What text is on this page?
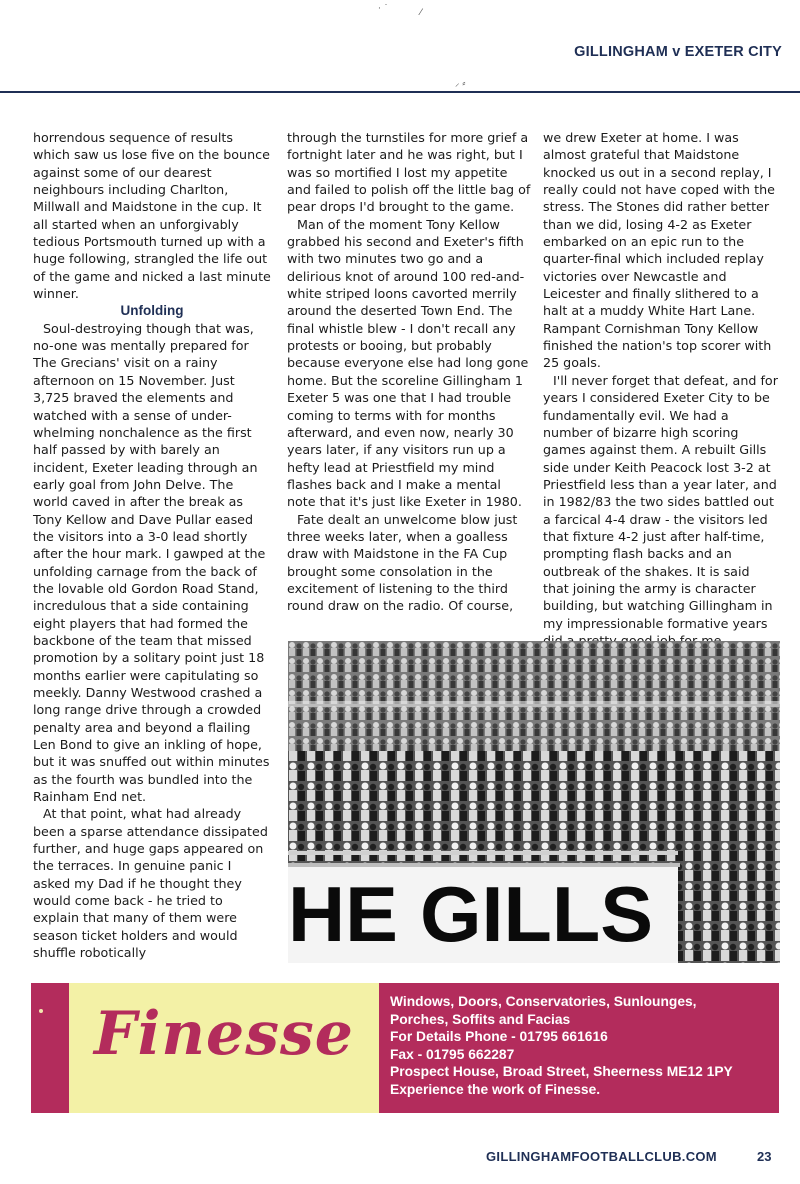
· ˙	⁄
⸝ ⸗
GILLINGHAM v EXETER CITY

horrendous sequence of results which saw us lose five on the bounce against some of our dearest neighbours including Charlton, Millwall and Maidstone in the cup. It all started when an unforgivably tedious Portsmouth turned up with a huge following, strangled the life out of the game and nicked a last minute winner.

Unfolding

Soul-destroying though that was, no-one was mentally prepared for The Grecians' visit on a rainy afternoon on 15 November. Just 3,725 braved the elements and watched with a sense of under-whelming nonchalence as the first half passed by with barely an incident, Exeter leading through an early goal from John Delve. The world caved in after the break as Tony Kellow and Dave Pullar eased the visitors into a 3-0 lead shortly after the hour mark. I gawped at the unfolding carnage from the back of the lovable old Gordon Road Stand, incredulous that a side containing eight players that had formed the backbone of the team that missed promotion by a solitary point just 18 months earlier were capitulating so meekly. Danny Westwood crashed a long range drive through a crowded penalty area and beyond a flailing Len Bond to give an inkling of hope, but it was snuffed out within minutes as the fourth was bundled into the Rainham End net.

At that point, what had already been a sparse attendance dissipated further, and huge gaps appeared on the terraces. In genuine panic I asked my Dad if he thought they would come back - he tried to explain that many of them were season ticket holders and would shuffle robotically

through the turnstiles for more grief a fortnight later and he was right, but I was so mortified I lost my appetite and failed to polish off the little bag of pear drops I'd brought to the game.

Man of the moment Tony Kellow grabbed his second and Exeter's fifth with two minutes two go and a delirious knot of around 100 red-and-white striped loons cavorted merrily around the deserted Town End. The final whistle blew - I don't recall any protests or booing, but probably because everyone else had long gone home. But the scoreline Gillingham 1 Exeter 5 was one that I had trouble coming to terms with for months afterward, and even now, nearly 30 years later, if any visitors run up a hefty lead at Priestfield my mind flashes back and I make a mental note that it's just like Exeter in 1980.

Fate dealt an unwelcome blow just three weeks later, when a goalless draw with Maidstone in the FA Cup brought some consolation in the excitement of listening to the third round draw on the radio. Of course,

we drew Exeter at home. I was almost grateful that Maidstone knocked us out in a second replay, I really could not have coped with the stress. The Stones did rather better than we did, losing 4-2 as Exeter embarked on an epic run to the quarter-final which included replay victories over Newcastle and Leicester and finally slithered to a halt at a muddy White Hart Lane. Rampant Cornishman Tony Kellow finished the nation's top scorer with 25 goals.

I'll never forget that defeat, and for years I considered Exeter City to be fundamentally evil. We had a number of bizarre high scoring games against them. A rebuilt Gills side under Keith Peacock lost 3-2 at Priestfield less than a year later, and in 1982/83 the two sides battled out a farcical 4-4 draw - the visitors led that fixture 4-2 just after half-time, prompting flash backs and an outbreak of the shakes. It is said that joining the army is character building, but watching Gillingham in my impressionable formative years

HE GILLS
Finesse	Windows, Doors, Conservatories, Sunlounges,
Porches, Soffits and Facias
For Details Phone - 01795 661616
Fax - 01795 662287
Prospect House, Broad Street, Sheerness ME12 1PY
Experience the work of Finesse.
GILLINGHAMFOOTBALLCLUB.COM	23
